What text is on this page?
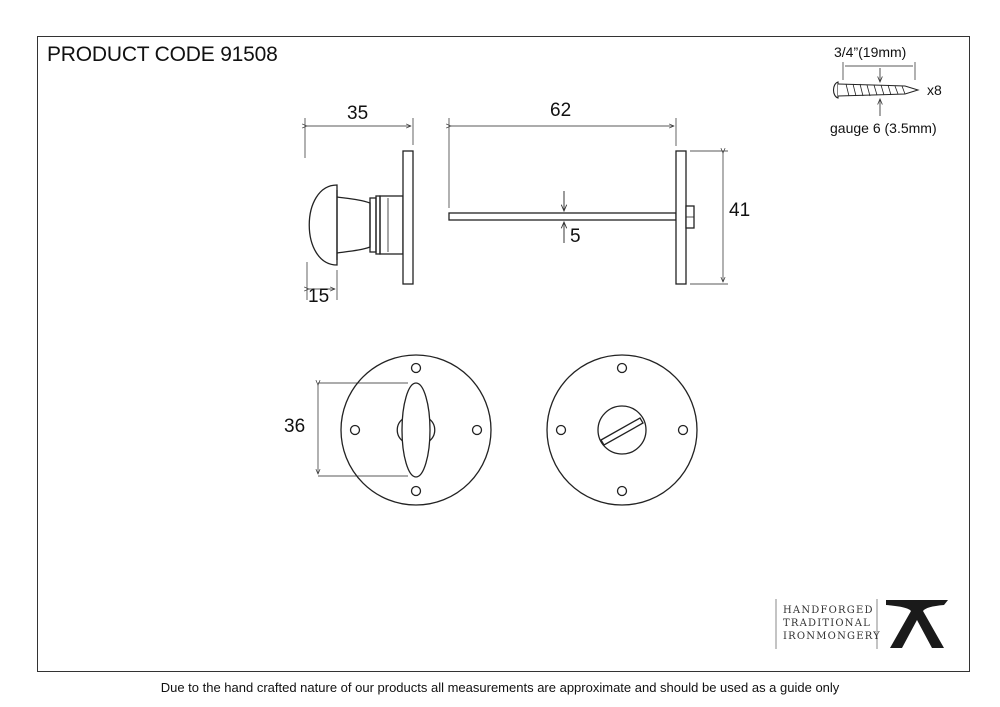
PRODUCT CODE 91508
35	62
41
5
15
36
3/4”(19mm)
x8
gauge 6 (3.5mm)
HANDFORGED
TRADITIONAL
IRONMONGERY
Due to the hand crafted nature of our products all measurements are approximate and should be used as a guide only
